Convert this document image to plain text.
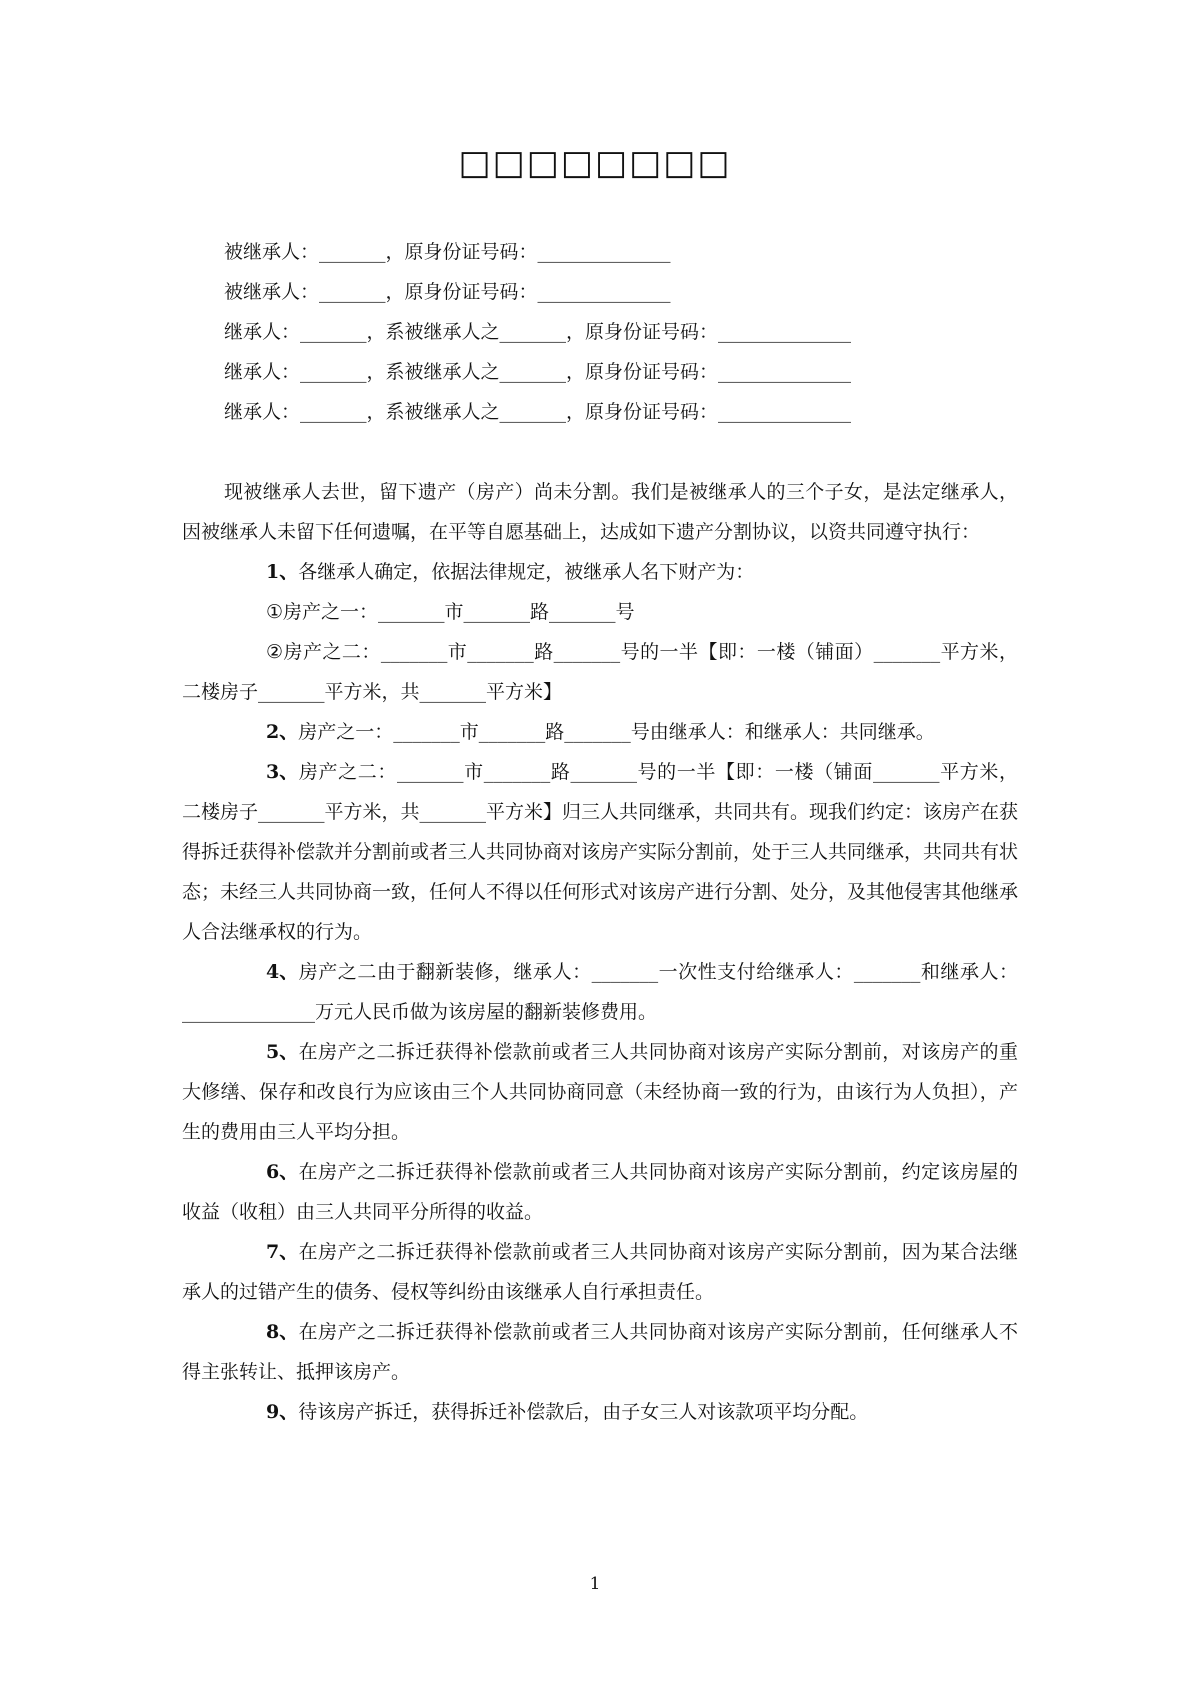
□□□□□□□□
被继承人：_______，原身份证号码：______________
被继承人：_______，原身份证号码：______________
继承人：_______，系被继承人之_______，原身份证号码：______________
继承人：_______，系被继承人之_______，原身份证号码：______________
继承人：_______，系被继承人之_______，原身份证号码：______________

现被继承人去世，留下遗产（房产）尚未分割。我们是被继承人的三个子女，是法定继承人，因被继承人未留下任何遗嘱，在平等自愿基础上，达成如下遗产分割协议，以资共同遵守执行：

1、各继承人确定，依据法律规定，被继承人名下财产为：

①房产之一：_______市_______路_______号

②房产之二：_______市_______路_______号的一半【即：一楼（铺面）_______平方米，二楼房子_______平方米，共_______平方米】

2、房产之一：_______市_______路_______号由继承人：和继承人：共同继承。

3、房产之二：_______市_______路_______号的一半【即：一楼（铺面_______平方米，二楼房子_______平方米，共_______平方米】归三人共同继承，共同共有。现我们约定：该房产在获得拆迁获得补偿款并分割前或者三人共同协商对该房产实际分割前，处于三人共同继承，共同共有状态；未经三人共同协商一致，任何人不得以任何形式对该房产进行分割、处分，及其他侵害其他继承人合法继承权的行为。

4、房产之二由于翻新装修，继承人：_______一次性支付给继承人：_______和继承人：______________万元人民币做为该房屋的翻新装修费用。

5、在房产之二拆迁获得补偿款前或者三人共同协商对该房产实际分割前，对该房产的重大修缮、保存和改良行为应该由三个人共同协商同意（未经协商一致的行为，由该行为人负担），产生的费用由三人平均分担。

6、在房产之二拆迁获得补偿款前或者三人共同协商对该房产实际分割前，约定该房屋的收益（收租）由三人共同平分所得的收益。

7、在房产之二拆迁获得补偿款前或者三人共同协商对该房产实际分割前，因为某合法继承人的过错产生的债务、侵权等纠纷由该继承人自行承担责任。

8、在房产之二拆迁获得补偿款前或者三人共同协商对该房产实际分割前，任何继承人不得主张转让、抵押该房产。

9、待该房产拆迁，获得拆迁补偿款后，由子女三人对该款项平均分配。

1
